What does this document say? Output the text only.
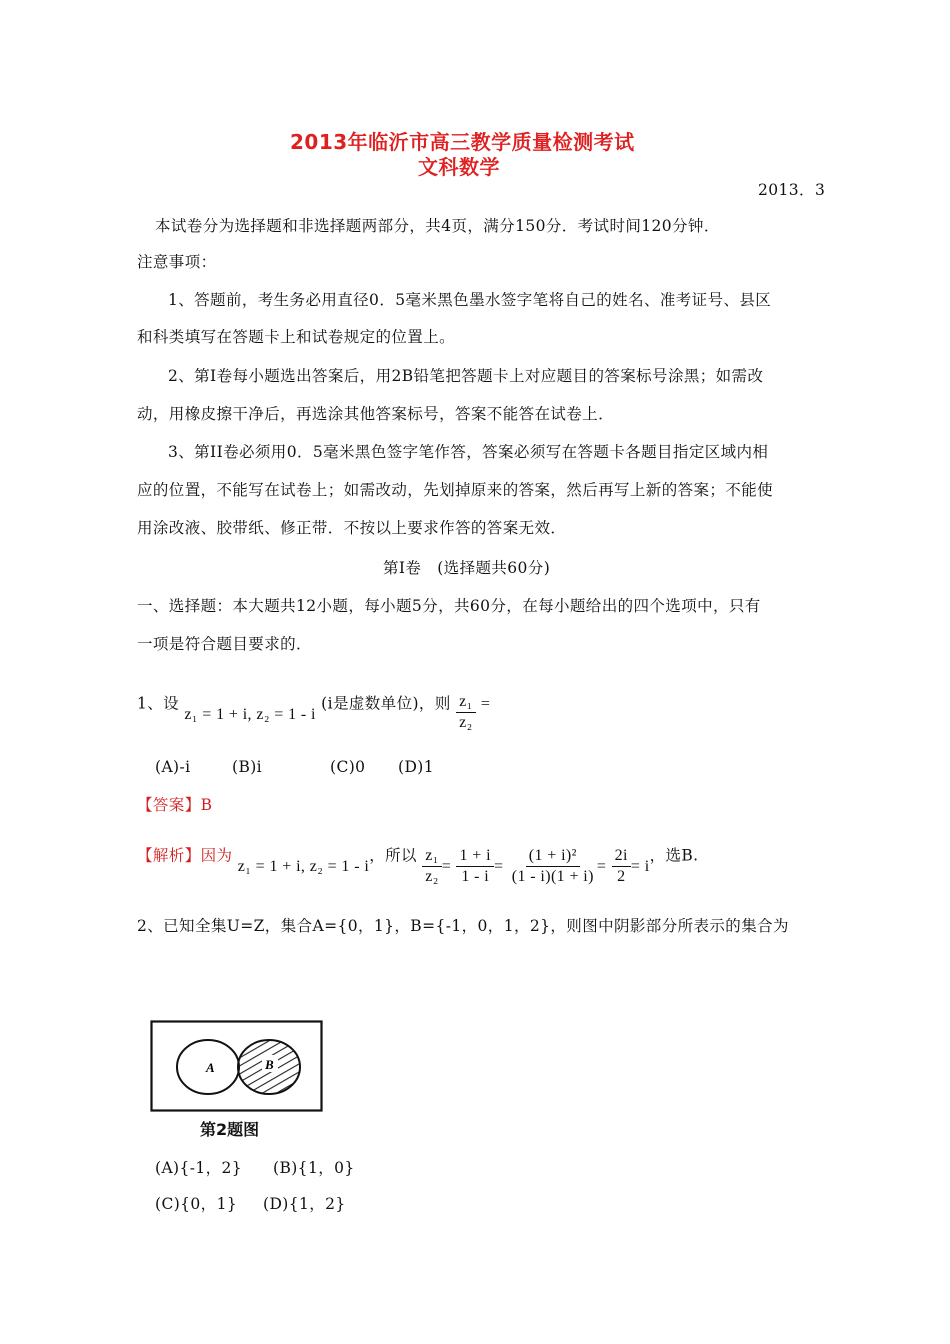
2013年临沂市高三教学质量检测考试
文科数学
2013．3
本试卷分为选择题和非选择题两部分，共4页，满分150分．考试时间120分钟．
注意事项：
1、答题前，考生务必用直径0．5毫米黑色墨水签字笔将自己的姓名、准考证号、县区
和科类填写在答题卡上和试卷规定的位置上。
2、第I卷每小题选出答案后，用2B铅笔把答题卡上对应题目的答案标号涂黑；如需改
动，用橡皮擦干净后，再选涂其他答案标号，答案不能答在试卷上．
3、第II卷必须用0．5毫米黑色签字笔作答，答案必须写在答题卡各题目指定区域内相
应的位置，不能写在试卷上；如需改动，先划掉原来的答案，然后再写上新的答案；不能使
用涂改液、胶带纸、修正带．不按以上要求作答的答案无效．
第I卷　(选择题共60分)
一、选择题：本大题共12小题，每小题5分，共60分，在每小题给出的四个选项中，只有
一项是符合题目要求的．
1、设 z₁ = 1 + i, z₂ = 1 - i (i是虚数单位)，则 $\frac{\text{z₁}}{\text{z₂}}$ =
(A)-i	(B)i	(C)0 (D)1
【答案】B
【解析】因为 z₁ = 1 + i, z₂ = 1 - i，所以 $\frac{\text{z₁}}{\text{z₂}} = \frac{1 + i}{1 - i} = \frac{\text{(1 + i)²}}{(1 - i)(1 + i)} = \frac{2i}{2} = i$，选B.
2、已知全集U=Z，集合A={0，1}，B={-1，0，1，2}，则图中阴影部分所表示的集合为
A	B
第2题图
(A){-1，2} (B){1，0}
(C){0，1} (D){1，2}
